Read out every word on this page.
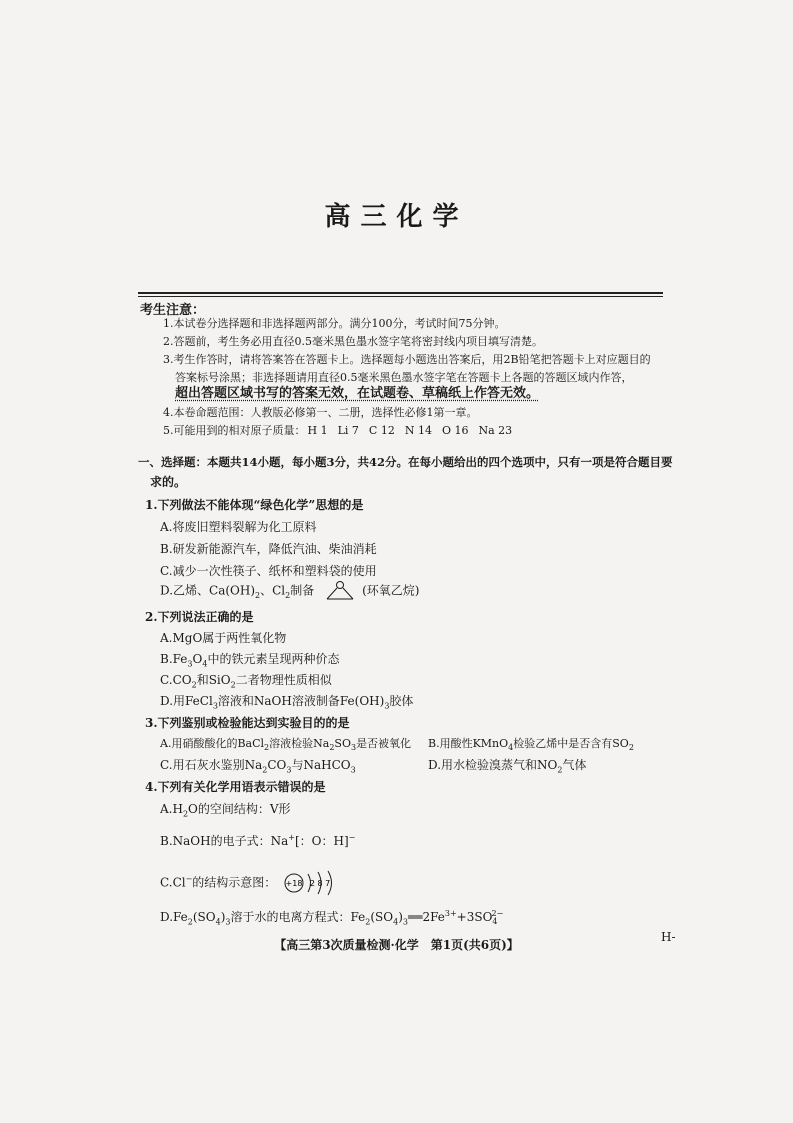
高三化学
考生注意：
1.本试卷分选择题和非选择题两部分。满分100分，考试时间75分钟。
2.答题前，考生务必用直径0.5毫米黑色墨水签字笔将密封线内项目填写清楚。
3.考生作答时，请将答案答在答题卡上。选择题每小题选出答案后，用2B铅笔把答题卡上对应题目的
答案标号涂黑；非选择题请用直径0.5毫米黑色墨水签字笔在答题卡上各题的答题区域内作答，
超出答题区域书写的答案无效，在试题卷、草稿纸上作答无效。
4.本卷命题范围：人教版必修第一、二册，选择性必修1第一章。
5.可能用到的相对原子质量： H 1 Li 7 C 12 N 14 O 16 Na 23
一、选择题：本题共14小题，每小题3分，共42分。在每小题给出的四个选项中，只有一项是符合题目要
求的。
1.下列做法不能体现“绿色化学”思想的是
A.将废旧塑料裂解为化工原料
B.研发新能源汽车，降低汽油、柴油消耗
C.减少一次性筷子、纸杯和塑料袋的使用
D.乙烯、$Ca(OH)_2$、$Cl_2$制备	(环氧乙烷)
2.下列说法正确的是
A.MgO属于两性氧化物
$B.Fe_3O_4$中的铁元素呈现两种价态
$C.CO_2$和SiO$_2$二者物理性质相似
D.用FeCl$_3$溶液和NaOH溶液制备$Fe(OH)_3$胶体
3.下列鉴别或检验能达到实验目的的是
A.用硝酸酸化的BaCl$_2$溶液检验$Na_2SO_3$是否被氧化 B.用酸性KMnO$_4$检验乙烯中是否含有$SO_2$
C.用石灰水鉴别$Na_2CO_3$与NaHCO$_3$	D.用水检验溴蒸气和$NO_2$气体
4.下列有关化学用语表示错误的是
$A.H_2O$的空间结构：V形
B.NaOH的电子式：Na+[：O：H]−
C.Cl−的结构示意图： +18 2 8 7
$D.Fe_2(SO_4)_3$溶于水的电离方程式：$Fe_2(SO_4)_3══2Fe^{3+}+3SO_4^{2-}$
【高三第3次质量检测·化学　第1页(共6页)】
H-
